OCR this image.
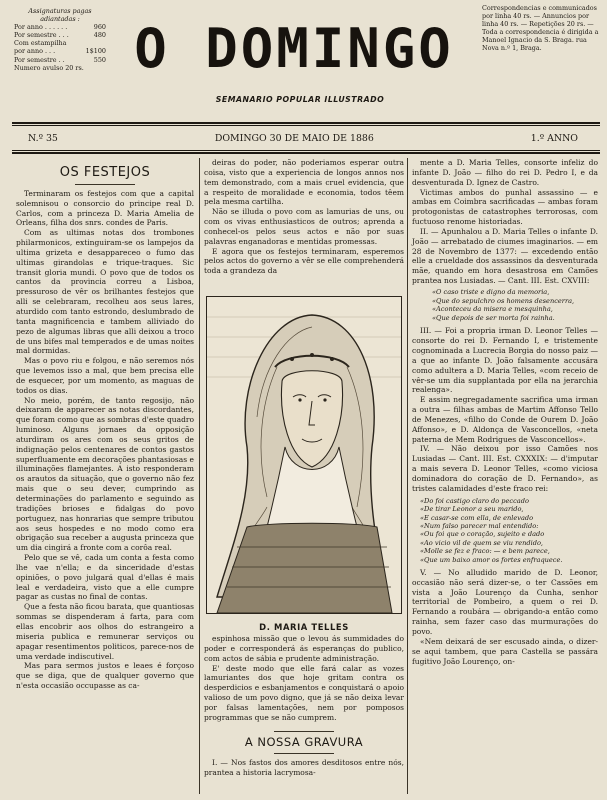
Assignaturas pagas adiantadas :
Por anno . . . . . .	960
Por semestre . . .	480
Com estampilha
por anno . . .	1$100
Por semestre . .	550
Numero avulso 20 rs. O DOMINGO
SEMANARIO POPULAR ILLUSTRADO
Correspondencias e communicados por linha 40 rs. — Annuncios por linha 40 rs. — Repetições 20 rs. — Toda a correspondencia é dirigida a Manoel Ignacio da S. Braga. rua Nova n.º 1, Braga.
N.º 35	DOMINGO 30 DE MAIO DE 1886	1.º ANNO
OS FESTEJOS

Terminaram os festejos com que a capital solemnisou o consorcio do principe real D. Carlos, com a princeza D. Maria Amelia de Orleans, filha dos snrs. condes de Paris.

Com as ultimas notas dos trombones philarmonicos, extinguiram-se os lampejos da ultima grizeta e desappareceo o fumo das ultimas girandolas e trique-traques. Sic transit gloria mundi. O povo que de todos os cantos da provincia correu a Lisboa, pressuroso de vêr os brilhantes festejos que alli se celebraram, recolheu aos seus lares, aturdido com tanto estrondo, deslumbrado de tanta magnificencia e tambem alliviado do pezo de algumas libras que alli deixou a troco de uns bifes mal temperados e de umas noites mal dormidas.

Mas o povo riu e folgou, e não seremos nós que levemos isso a mal, que bem precisa elle de esquecer, por um momento, as maguas de todos os dias.

No meio, porém, de tanto regosijo, não deixaram de apparecer as notas discordantes, que foram como que as sombras d'este quadro luminoso. Alguns jornaes da opposição aturdiram os ares com os seus gritos de indignação pelos centenares de contos gastos superfluamente em decorações phantasiosas e illuminações flamejantes. A isto responderam os arautos da situação, que o governo não fez mais que o seu dever, cumprindo as determinações do parlamento e seguindo as tradições brioses e fidalgas do povo portuguez, nas honrarias que sempre tributou aos seus hospedes e no modo como era obrigação sua receber a augusta princeza que um dia cingirá a fronte com a corôa real.

Pelo que se vê, cada um conta a festa como lhe vae n'ella; e da sinceridade d'estas opiniões, o povo julgará qual d'ellas é mais leal e verdadeira, visto que a elle cumpre pagar as custas no final de contas.

Que a festa não ficou barata, que quantiosas sommas se dispenderam á farta, para com ellas encobrir aos olhos do estrangeiro a miseria publica e remunerar serviços ou apagar resentimentos politicos, parece-nos de uma verdade indiscutivel.

Mas para sermos justos e leaes é forçoso que se diga, que de qualquer governo que n'esta occasião occupasse as ca-

deiras do poder, não poderiamos esperar outra coisa, visto que a experiencia de longos annos nos tem demonstrado, com a mais cruel evidencia, que a respeito de moralidade e economia, todos têem pela mesma cartilha.

Não se illuda o povo com as lamurias de uns, ou com os vivas enthusiasticos de outros; aprenda a conhecel-os pelos seus actos e não por suas palavras enganadoras e mentidas promessas.

E agora que os festejos terminaram, esperemos pelos actos do governo a vêr se elle comprehenderá toda a grandeza da

D. MARIA TELLES

espinhosa missão que o levou ás summidades do poder e corresponderá ás esperanças do publico, com actos de sábia e prudente administração.

E' deste modo que elle fará calar as vozes lamuriantes dos que hoje gritam contra os desperdicios e esbanjamentos e conquistará o apoio valioso de um povo digno, que já se não deixa levar por falsas lamentações, nem por pomposos programmas que se não cumprem.

A NOSSA GRAVURA

I. — Nos fastos dos amores desditosos entre nós, prantea a historia lacrymosa-

mente a D. Maria Telles, consorte infeliz do infante D. João — filho do rei D. Pedro I, e da desventurada D. Ignez de Castro.

Victimas ambos do punhal assassino — e ambas em Coimbra sacrificadas — ambas foram protogonistas de catastrophes terrorosas, com fuctuoso renome historiadas.

II. — Apunhalou a D. Maria Telles o infante D. João — arrebatado de ciumes imaginarios. — em 28 de Novembro de 1377: — excedendo então elle a crueldade dos assassinos da desventurada mãe, quando em hora desastrosa em Camões prantea nos Lusiadas. — Cant. III. Est. CXVIII:

«O caso triste e digno da memoria,
«Que do sepulchro os homens desencerra,
«Aconteceu da misera e mesquinha,
«Que depois de ser morta foi rainha.

III. — Foi a propria irman D. Leonor Telles — consorte do rei D. Fernando I, e tristemente cognominada a Lucrecia Borgia do nosso paiz — a que ao infante D. João falsamente accusára como adultera a D. Maria Telles, «com receio de vêr-se um dia supplantada por ella na jerarchia realenga».

E assim negregadamente sacrifica uma irman a outra — filhas ambas de Martim Affonso Tello de Menezes, «filho do Conde de Ourem D. João Affonso», e D. Aldonça de Vasconcellos, «neta paterna de Mem Rodrigues de Vasconcellos».

IV. — Não deixou por isso Camões nos Lusiadas — Cant. III. Est. CXXXIX: — d'imputar a mais severa D. Leonor Telles, «como viciosa dominadora do coração de D. Fernando», as tristes calamidades d'este fraco rei:

«Do foi castigo claro do peccado
«De tirar Leonor a seu marido,
«E casar-se com ella, de enlevado
«Num falso parecer mal entendido:
«Ou foi que o coração, sujeito e dado
«Ao vicio vil de quem se viu rendido,
«Molle se fez e fraco: — e bem parece,
«Que um baixo amor os fortes enfraquece.

V. — No alludido marido de D. Leonor, occasião não será dizer-se, o ter Cassões em vista a João Lourenço da Cunha, senhor territorial de Pombeiro, a quem o rei D. Fernando a roubára — obrigando-a então como rainha, sem fazer caso das murmurações do povo.

«Nem deixará de ser escusado ainda, o dizer-se aqui tambem, que para Castella se passára fugitivo João Lourenço, on-
